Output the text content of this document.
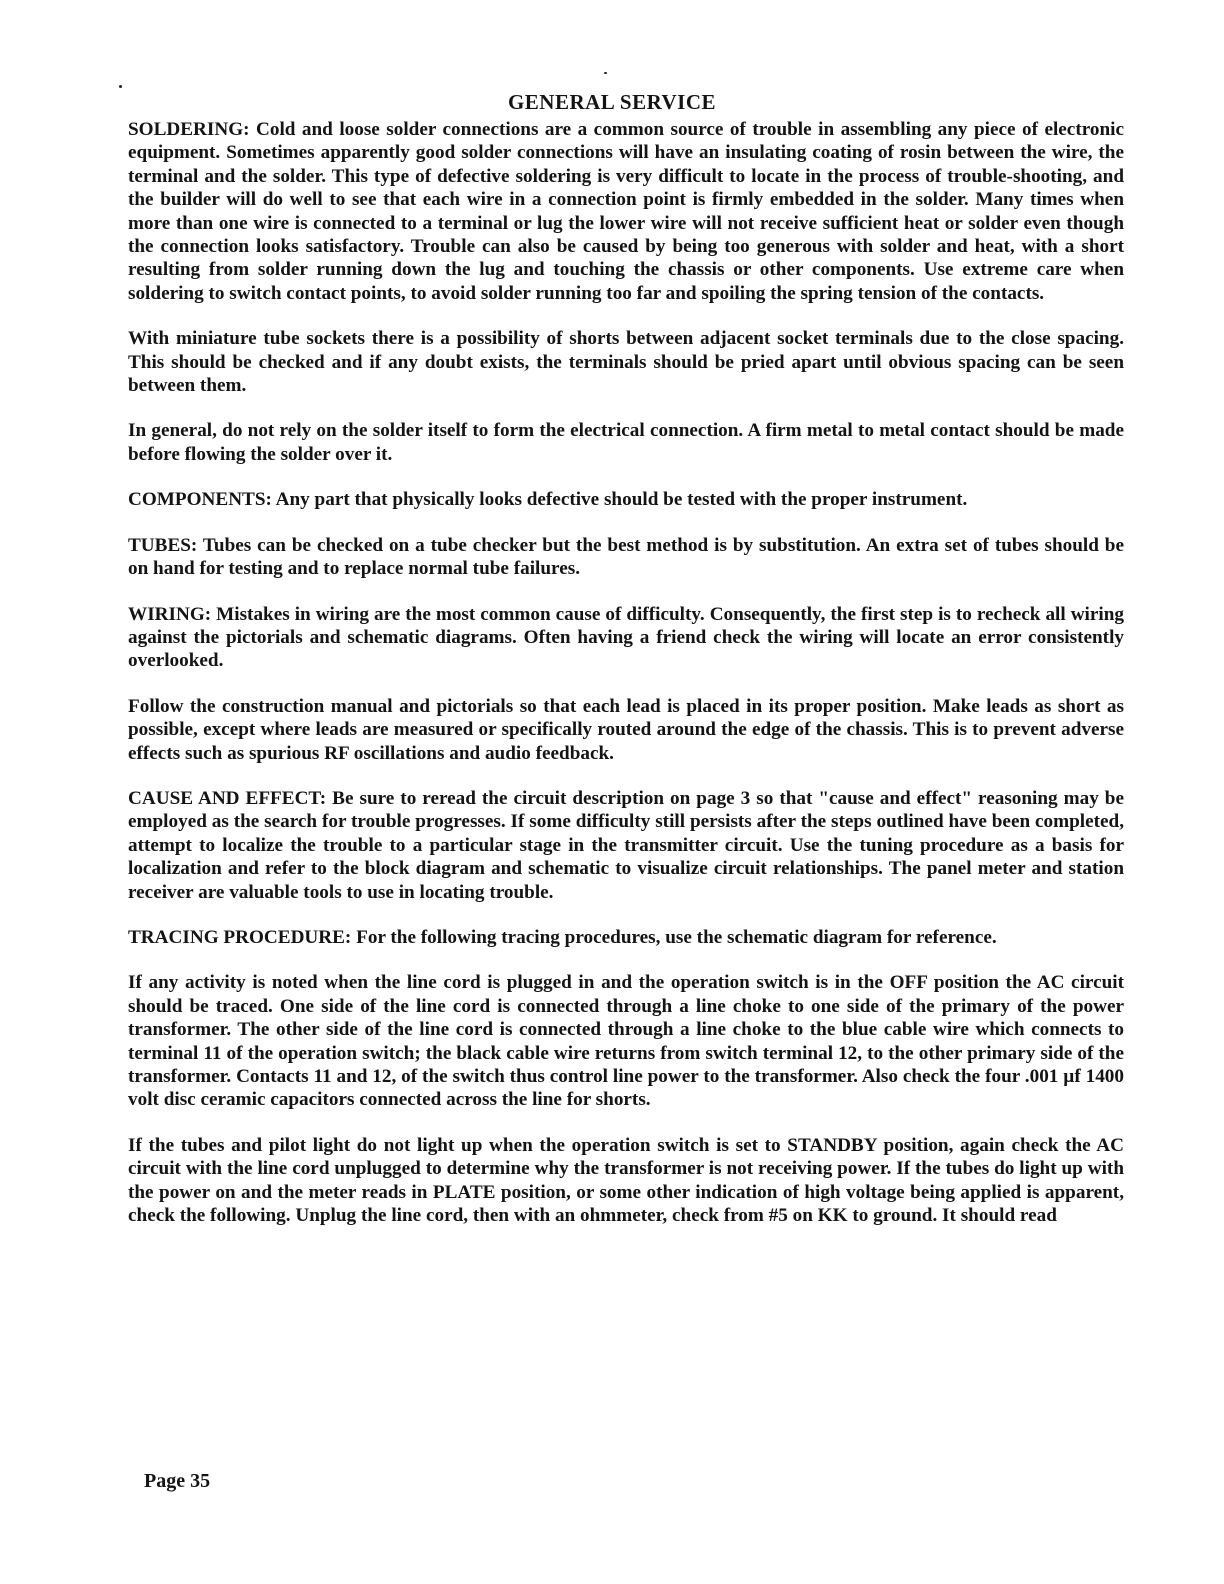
GENERAL SERVICE

SOLDERING: Cold and loose solder connections are a common source of trouble in assembling any piece of electronic equipment. Sometimes apparently good solder connections will have an insulating coating of rosin between the wire, the terminal and the solder. This type of defective soldering is very difficult to locate in the process of trouble-shooting, and the builder will do well to see that each wire in a connection point is firmly embedded in the solder. Many times when more than one wire is connected to a terminal or lug the lower wire will not receive sufficient heat or solder even though the connection looks satisfactory. Trouble can also be caused by being too generous with solder and heat, with a short resulting from solder running down the lug and touching the chassis or other components. Use extreme care when soldering to switch contact points, to avoid solder running too far and spoiling the spring tension of the contacts.

With miniature tube sockets there is a possibility of shorts between adjacent socket terminals due to the close spacing. This should be checked and if any doubt exists, the terminals should be pried apart until obvious spacing can be seen between them.

In general, do not rely on the solder itself to form the electrical connection. A firm metal to metal contact should be made before flowing the solder over it.

COMPONENTS: Any part that physically looks defective should be tested with the proper instrument.

TUBES: Tubes can be checked on a tube checker but the best method is by substitution. An extra set of tubes should be on hand for testing and to replace normal tube failures.

WIRING: Mistakes in wiring are the most common cause of difficulty. Consequently, the first step is to recheck all wiring against the pictorials and schematic diagrams. Often having a friend check the wiring will locate an error consistently overlooked.

Follow the construction manual and pictorials so that each lead is placed in its proper position. Make leads as short as possible, except where leads are measured or specifically routed around the edge of the chassis. This is to prevent adverse effects such as spurious RF oscillations and audio feedback.

CAUSE AND EFFECT: Be sure to reread the circuit description on page 3 so that "cause and effect" reasoning may be employed as the search for trouble progresses. If some difficulty still persists after the steps outlined have been completed, attempt to localize the trouble to a particular stage in the transmitter circuit. Use the tuning procedure as a basis for localization and refer to the block diagram and schematic to visualize circuit relationships. The panel meter and station receiver are valuable tools to use in locating trouble.

TRACING PROCEDURE: For the following tracing procedures, use the schematic diagram for reference.

If any activity is noted when the line cord is plugged in and the operation switch is in the OFF position the AC circuit should be traced. One side of the line cord is connected through a line choke to one side of the primary of the power transformer. The other side of the line cord is connected through a line choke to the blue cable wire which connects to terminal 11 of the operation switch; the black cable wire returns from switch terminal 12, to the other primary side of the transformer. Contacts 11 and 12, of the switch thus control line power to the transformer. Also check the four .001 µf 1400 volt disc ceramic capacitors connected across the line for shorts.

If the tubes and pilot light do not light up when the operation switch is set to STANDBY position, again check the AC circuit with the line cord unplugged to determine why the transformer is not receiving power. If the tubes do light up with the power on and the meter reads in PLATE position, or some other indication of high voltage being applied is apparent, check the following. Unplug the line cord, then with an ohmmeter, check from #5 on KK to ground. It should read

Page 35
